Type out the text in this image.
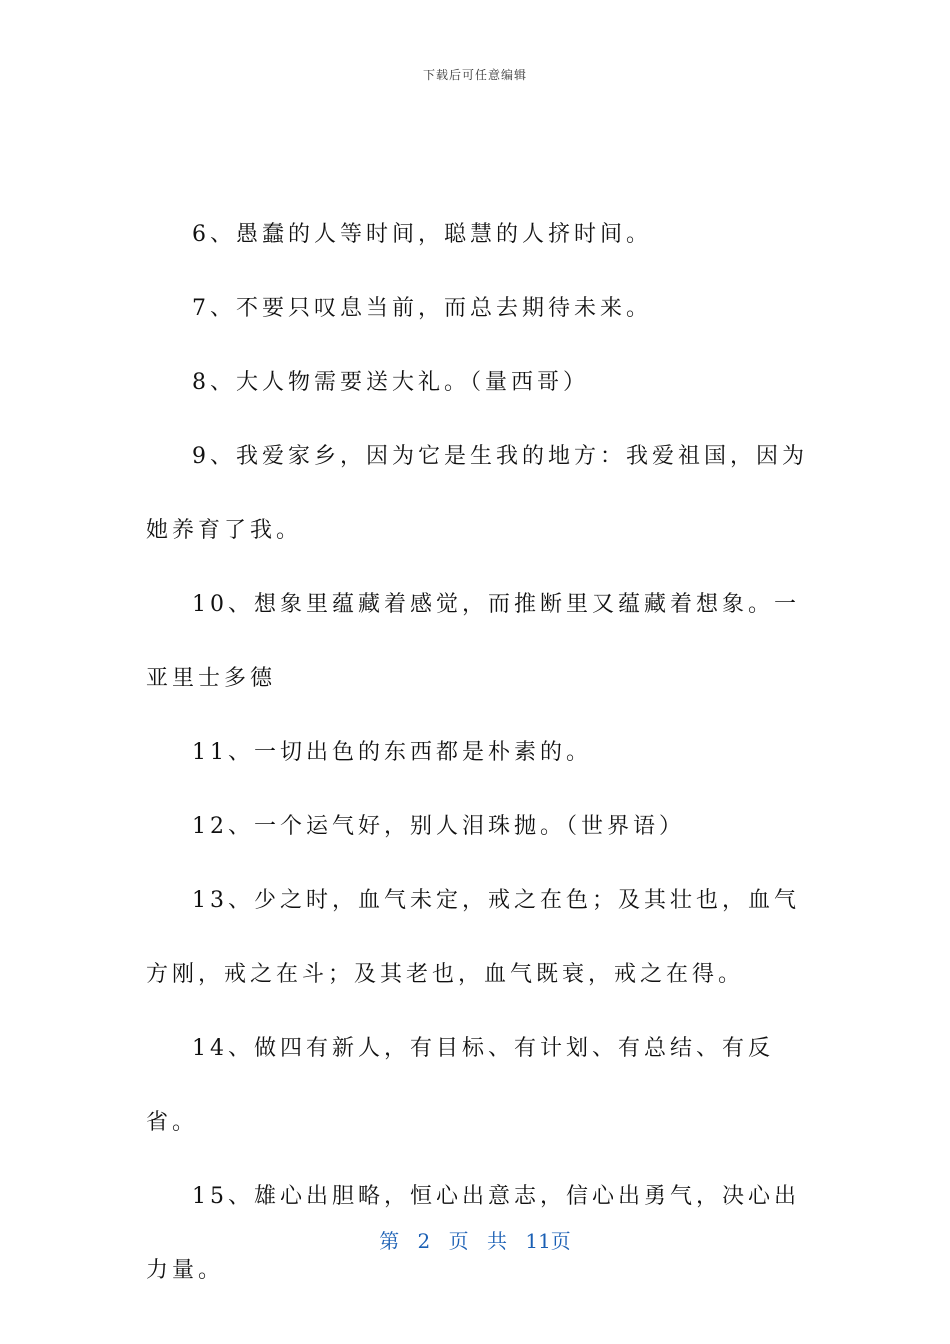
下载后可任意编辑

6、愚蠢的人等时间，聪慧的人挤时间。

7、不要只叹息当前，而总去期待未来。

8、大人物需要送大礼。（量西哥）

9、我爱家乡，因为它是生我的地方：我爱祖国，因为她养育了我。

10、想象里蕴藏着感觉，而推断里又蕴藏着想象。一亚里士多德

11、一切出色的东西都是朴素的。

12、一个运气好，别人泪珠抛。（世界语）

13、少之时，血气未定，戒之在色；及其壮也，血气方刚，戒之在斗；及其老也，血气既衰，戒之在得。

14、做四有新人，有目标、有计划、有总结、有反省。

15、雄心出胆略，恒心出意志，信心出勇气，决心出力量。

第 2 页 共 11页
